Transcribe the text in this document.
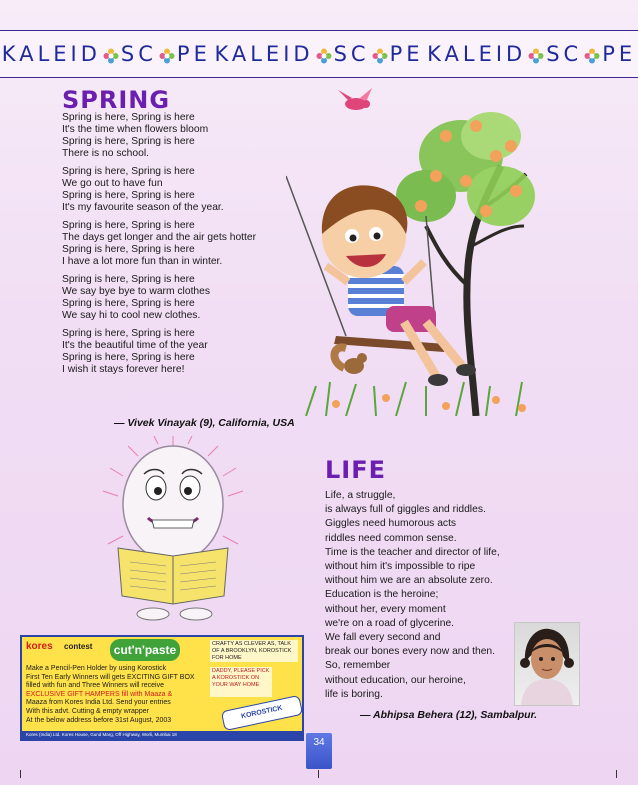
KALEID SC PE KALEID SC PE KALEID SC PE
SPRING
Spring is here, Spring is here
It's the time when flowers bloom
Spring is here, Spring is here
There is no school.
Spring is here, Spring is here
We go out to have fun
Spring is here, Spring is here
It's my favourite season of the year.
Spring is here, Spring is here
The days get longer and the air gets hotter
Spring is here, Spring is here
I have a lot more fun than in winter.
Spring is here, Spring is here
We say bye bye to warm clothes
Spring is here, Spring is here
We say hi to cool new clothes.
Spring is here, Spring is here
It's the beautiful time of the year
Spring is here, Spring is here
I wish it stays forever here!
— Vivek Vinayak (9), California, USA
LIFE
Life, a struggle,
is always full of giggles and riddles.
Giggles need humorous acts
riddles need common sense.
Time is the teacher and director of life,
without him it's impossible to ripe
without him we are an absolute zero.
Education is the heroine;
without her, every moment
we're on a road of glycerine.
We fall every second and
break our bones every now and then.
So, remember
without education, our heroine,
life is boring.
— Abhipsa Behera (12), Sambalpur.
kores contest	cut'n'paste	CRAFTY AS CLEVER AS, TALK OF A BROOKLYN, KOROSTICK FOR HOME
DADDY, PLEASE PICK A KOROSTICK ON YOUR WAY HOME
Make a Pencil-Pen Holder by using Korostick
First Ten Early Winners will gets EXCITING GIFT BOX
filled with fun and Three Winners will receive
EXCLUSIVE GIFT HAMPERS fill with Maaza &
Maaza from Kores India Ltd. Send your entries
With this advt. Cutting & empty wrapper
At the below address before 31st August, 2003	KOROSTICK
Kores (India) Ltd. Kores House, Gund Marg, Off Highway, Worli, Mumbai 18
34
